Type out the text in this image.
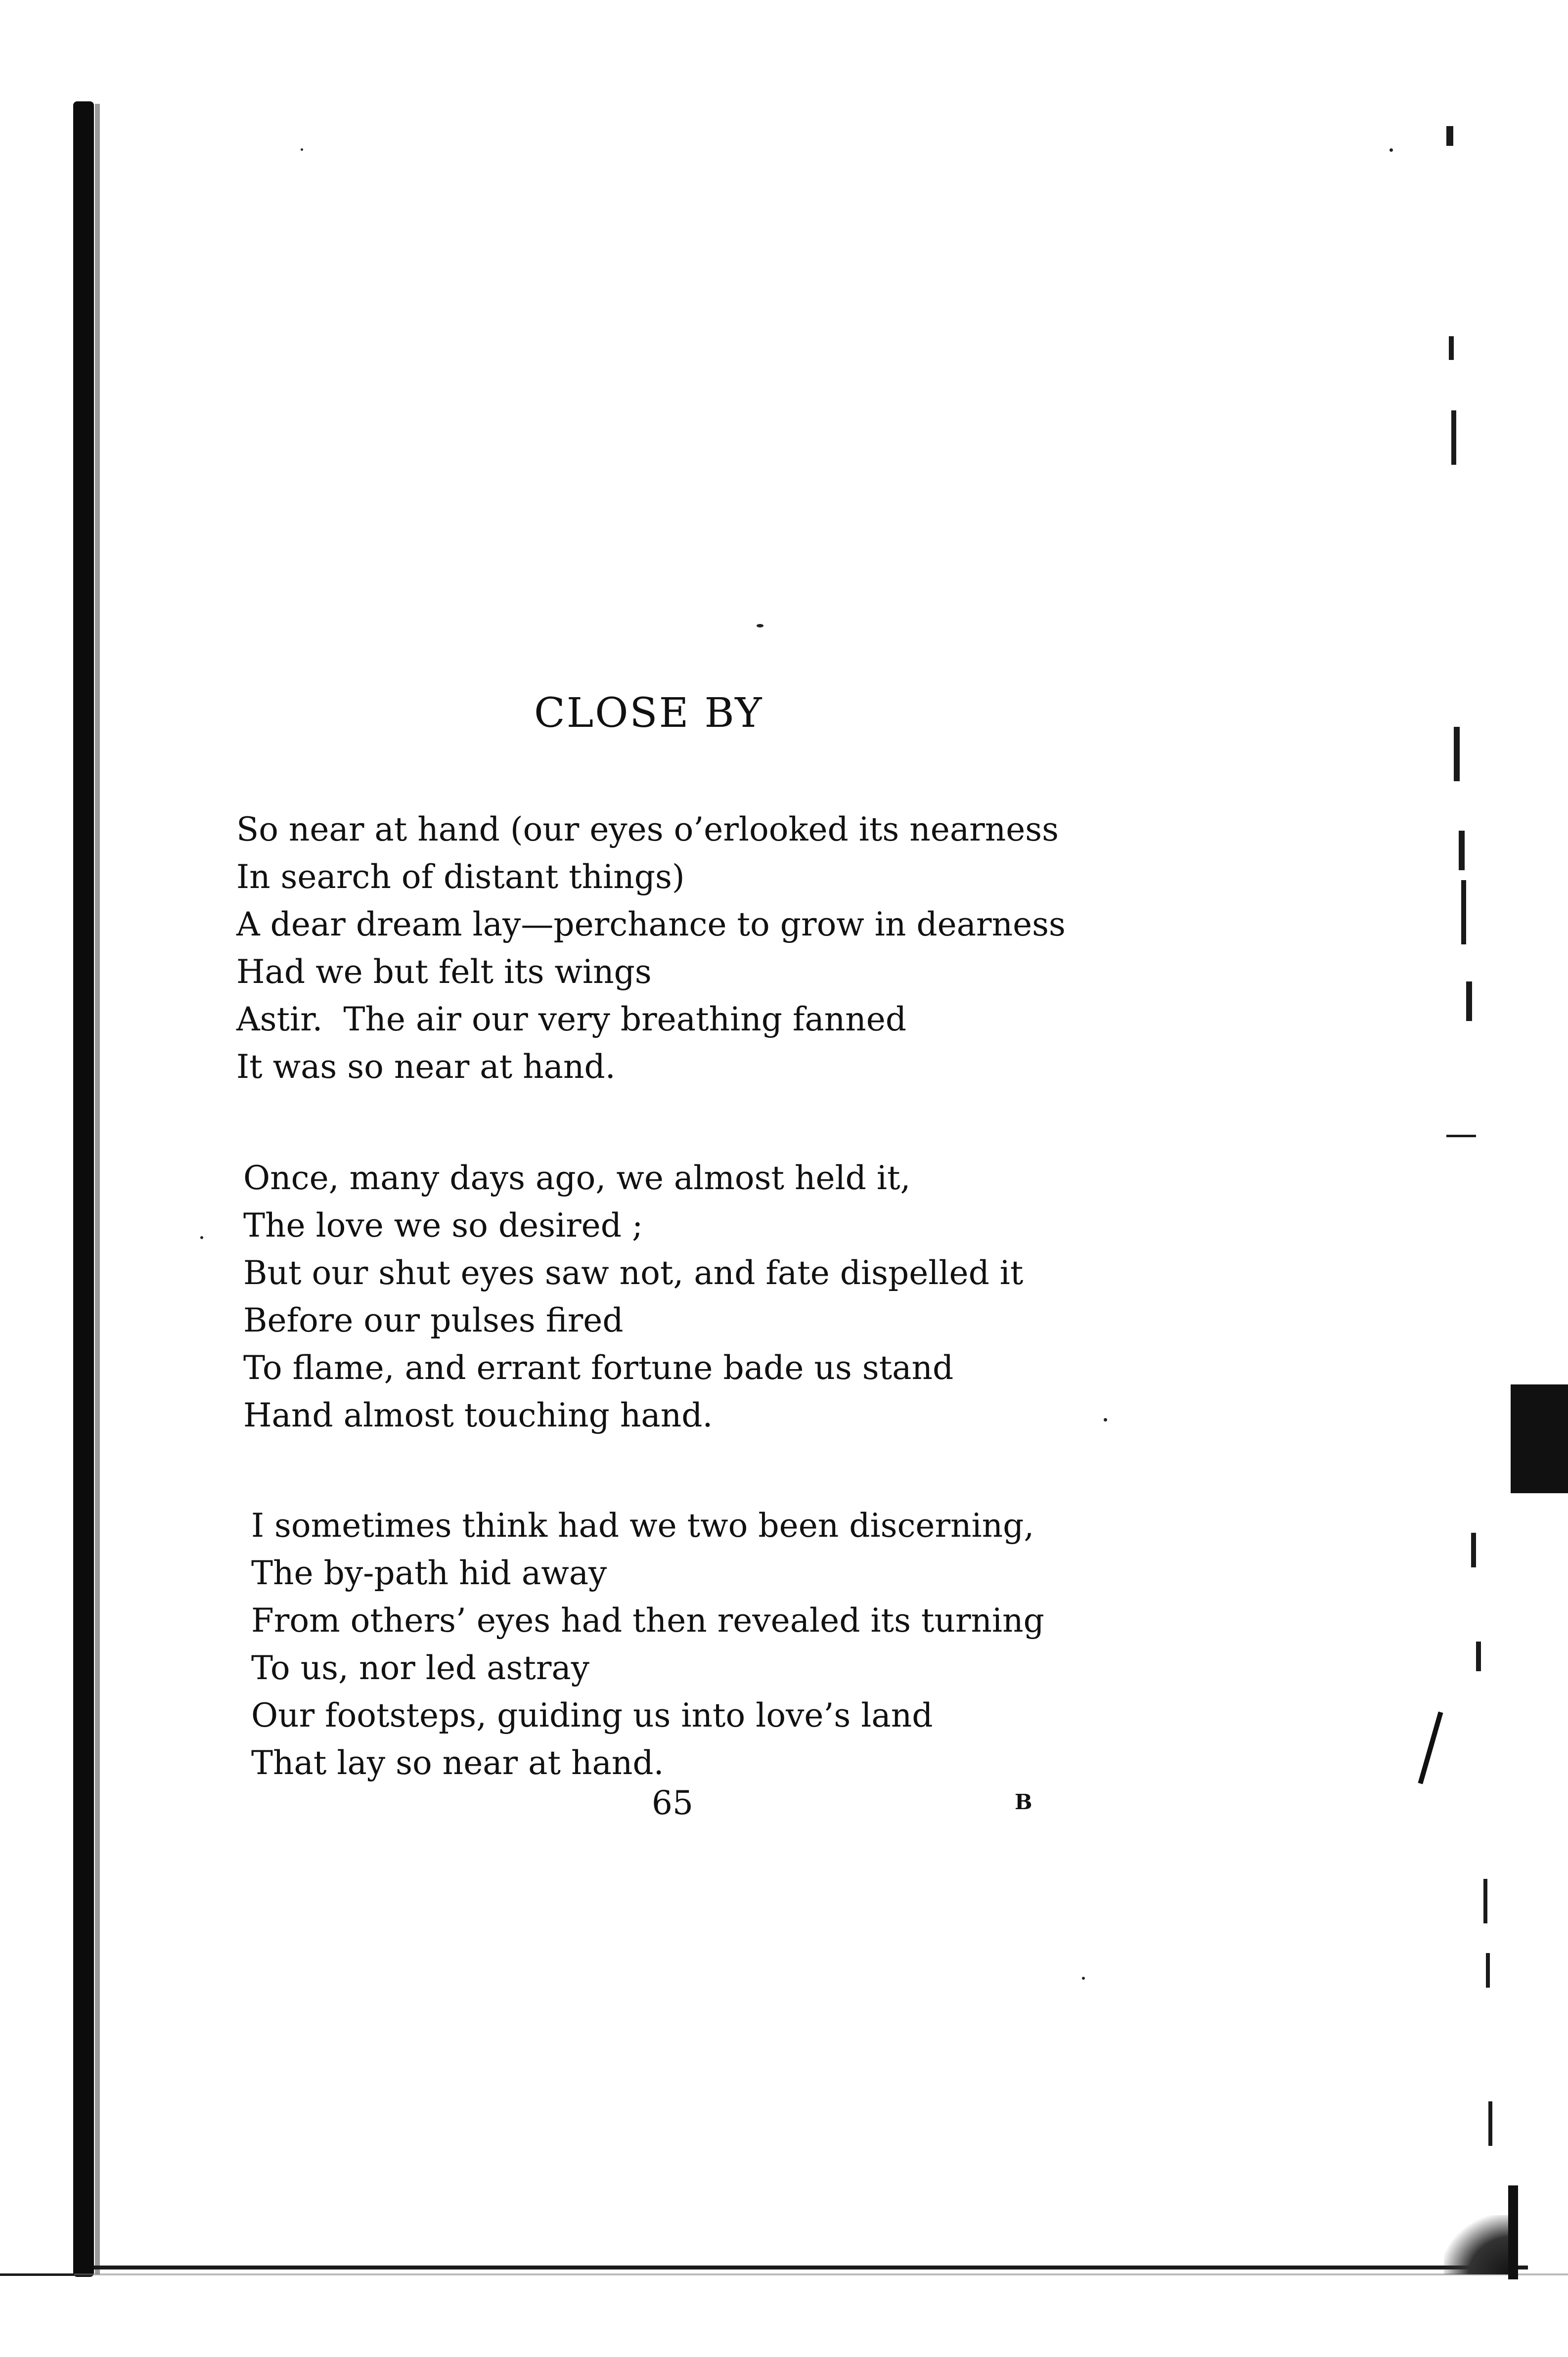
CLOSE BY
So near at hand (our eyes o’erlooked its nearness
In search of distant things)
A dear dream lay—perchance to grow in dearness
Had we but felt its wings
Astir.  The air our very breathing fanned
It was so near at hand.
Once, many days ago, we almost held it,
The love we so desired ;
But our shut eyes saw not, and fate dispelled it
Before our pulses fired
To flame, and errant fortune bade us stand
Hand almost touching hand.
I sometimes think had we two been discerning,
The by-path hid away
From others’ eyes had then revealed its turning
To us, nor led astray
Our footsteps, guiding us into love’s land
That lay so near at hand.
65	B
